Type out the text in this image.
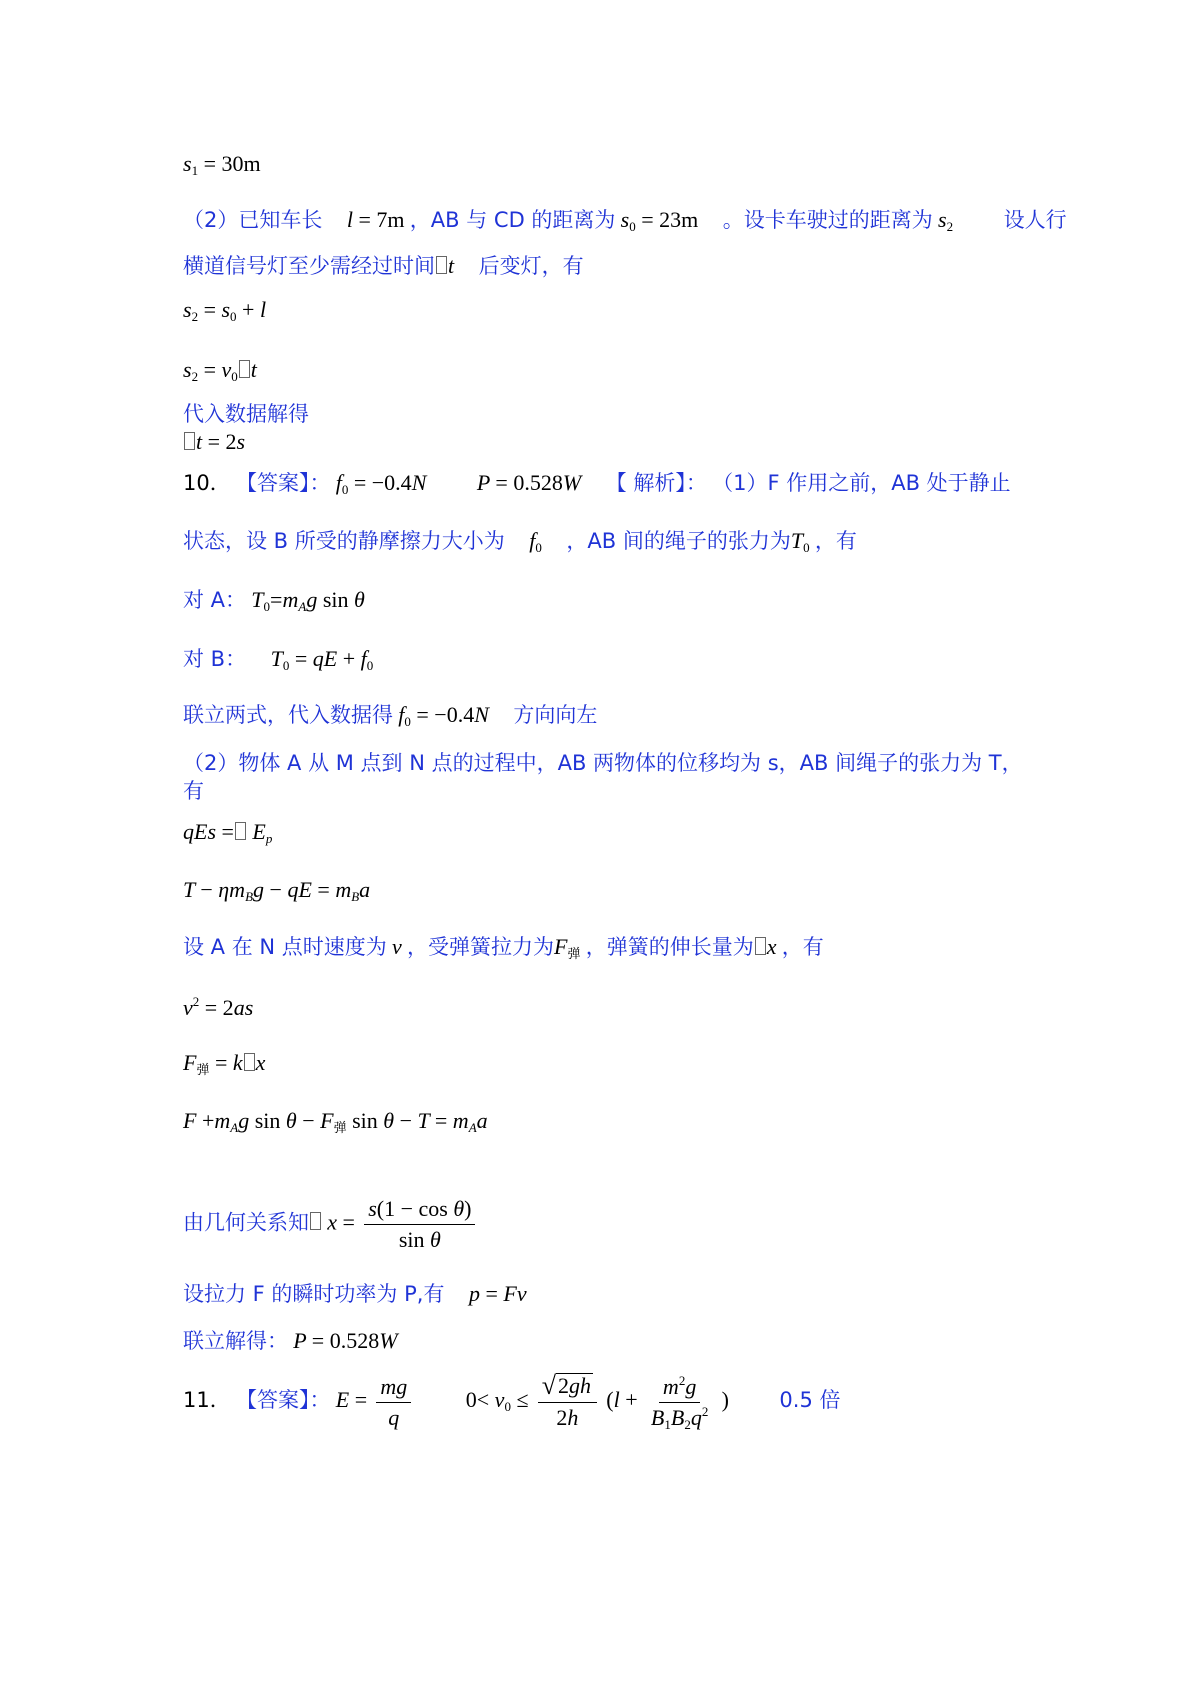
$s_1 = 30m$
（2）已知车长 l = 7m ，AB 与 CD 的距离为 $s_0 = 23m$ 。设卡车驶过的距离为 $s_2$ 设人行
横道信号灯至少需经过时间 t 后变灯，有
$s_2 = s_0 + l$
$s_2 = v_0$ t
代入数据解得
t = 2s
10． 【答案】： $f_0 = -0.4N$ P = 0.528W 【 解析】： （1）F 作用之前，AB 处于静止
状态，设 B 所受的静摩擦力大小为 $f_0$ ，AB 间的绳子的张力为$T_0$ ，有
对 A： $T_0=m_Ag$ sin θ
对 B： $T_0$ = qE + $f_0$
联立两式，代入数据得 $f_0 = -0.4N$ 方向向左
（2）物体 A 从 M 点到 N 点的过程中，AB 两物体的位移均为 s，AB 间绳子的张力为 T，
有
qEs = $E_p$
$T - \eta m_Bg$ − qE = $m_Ba$
设 A 在 N 点时速度为 v ，受弹簧拉力为$F_弹$ ，弹簧的伸长量为 x ，有
$v^2 = 2as$
$F_弹 = k$ x
$F +m_Ag$ $\sin \theta - F_弹$ $\sin \theta - T = m_Aa$
由几何关系知 $x = \frac{\text{s(1 − cos θ)}}{\text{sin θ}}$
设拉力 F 的瞬时功率为 P,有 p = Fv
联立解得： P = 0.528W
11． 【答案】： $E = \frac{mg}{q} 0< v_0 \le \frac{√ 2gh}{2h} (l + \frac{m^2g}{B_1B_2q^2}$ ) 0.5 倍
